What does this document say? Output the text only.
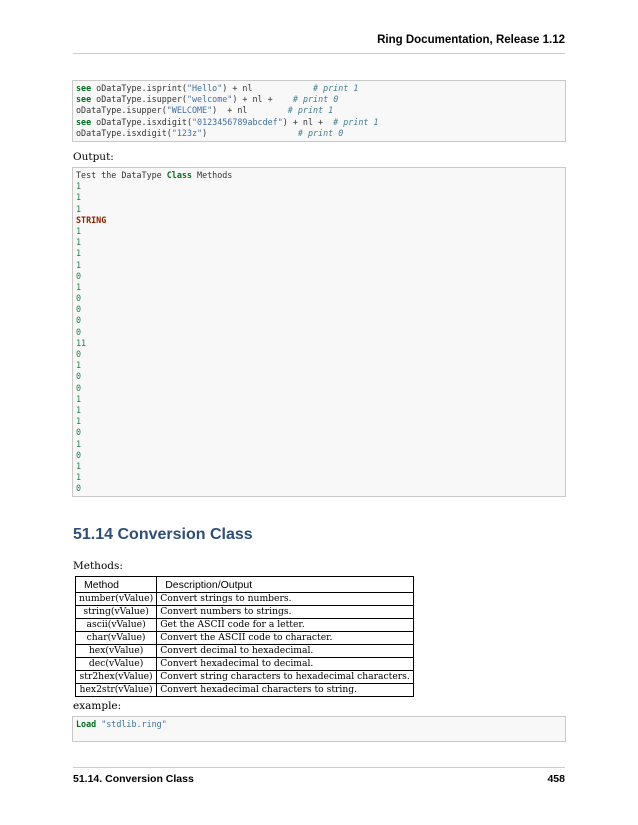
Ring Documentation, Release 1.12
see oDataType.isprint("Hello") + nl            # print 1
see oDataType.isupper("welcome") + nl +    # print 0
oDataType.isupper("WELCOME")  + nl        # print 1
see oDataType.isxdigit("0123456789abcdef") + nl +  # print 1
oDataType.isxdigit("123z")                  # print 0
Output:
Test the DataType Class Methods
1
1
1
STRING
1
1
1
1
0
1
0
0
0
0
11
0
1
0
0
1
1
1
0
1
0
1
1
0
51.14 Conversion Class
Methods:
Method	Description/Output
number(vValue)	Convert strings to numbers.
string(vValue)	Convert numbers to strings.
ascii(vValue)	Get the ASCII code for a letter.
char(vValue)	Convert the ASCII code to character.
hex(vValue)	Convert decimal to hexadecimal.
dec(vValue)	Convert hexadecimal to decimal.
str2hex(vValue)	Convert string characters to hexadecimal characters.
hex2str(vValue)	Convert hexadecimal characters to string.
example:
Load "stdlib.ring"
51.14. Conversion Class	458
